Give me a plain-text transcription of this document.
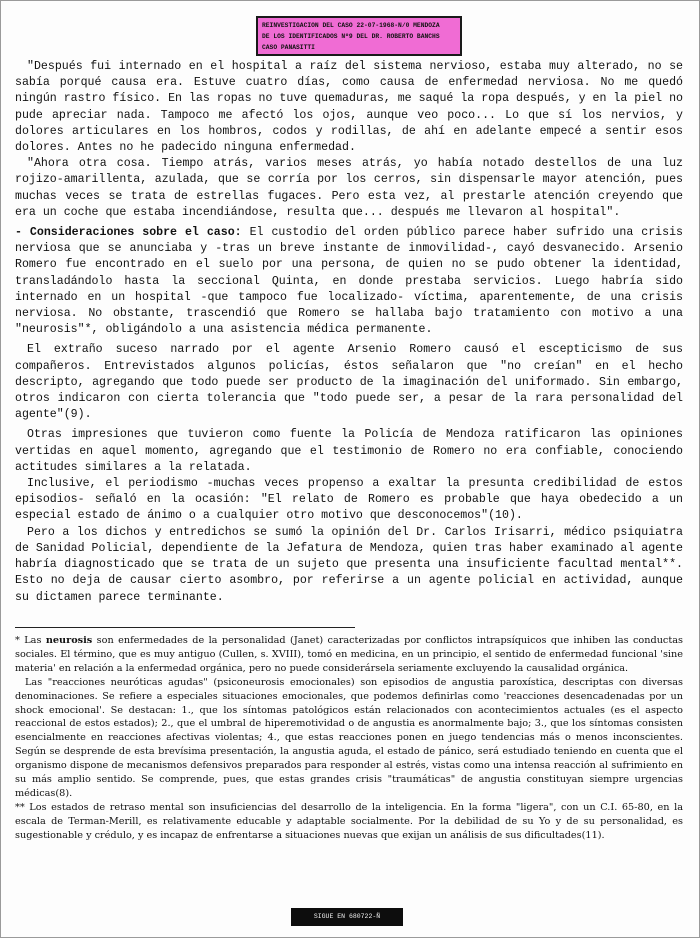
REINVESTIGACION DEL CASO 22-07-1968-N/0 MENDOZA
DE LOS IDENTIFICADOS Nº9 DEL DR. ROBERTO BANCHS
CASO PANASITTI

"Después fui internado en el hospital a raíz del sistema nervioso, estaba muy alterado, no se sabía porqué causa era. Estuve cuatro días, como causa de enfermedad nerviosa. No me quedó ningún rastro físico. En las ropas no tuve quemaduras, me saqué la ropa después, y en la piel no pude apreciar nada. Tampoco me afectó los ojos, aunque veo poco... Lo que sí los nervios, y dolores articulares en los hombros, codos y rodillas, de ahí en adelante empecé a sentir esos dolores. Antes no he padecido ninguna enfermedad.

"Ahora otra cosa. Tiempo atrás, varios meses atrás, yo había notado destellos de una luz rojizo-amarillenta, azulada, que se corría por los cerros, sin dispensarle mayor atención, pues muchas veces se trata de estrellas fugaces. Pero esta vez, al prestarle atención creyendo que era un coche que estaba incendiándose, resulta que... después me llevaron al hospital".

- Consideraciones sobre el caso: El custodio del orden público parece haber sufrido una crisis nerviosa que se anunciaba y -tras un breve instante de inmovilidad-, cayó desvanecido. Arsenio Romero fue encontrado en el suelo por una persona, de quien no se pudo obtener la identidad, transladándolo hasta la seccional Quinta, en donde prestaba servicios. Luego habría sido internado en un hospital -que tampoco fue localizado- víctima, aparentemente, de una crisis nerviosa. No obstante, trascendió que Romero se hallaba bajo tratamiento con motivo a una "neurosis"*, obligándolo a una asistencia médica permanente.

El extraño suceso narrado por el agente Arsenio Romero causó el escepticismo de sus compañeros. Entrevistados algunos policías, éstos señalaron que "no creían" en el hecho descripto, agregando que todo puede ser producto de la imaginación del uniformado. Sin embargo, otros indicaron con cierta tolerancia que "todo puede ser, a pesar de la rara personalidad del agente"(9).

Otras impresiones que tuvieron como fuente la Policía de Mendoza ratificaron las opiniones vertidas en aquel momento, agregando que el testimonio de Romero no era confiable, conociendo actitudes similares a la relatada.

Inclusive, el periodismo -muchas veces propenso a exaltar la presunta credibilidad de estos episodios- señaló en la ocasión: "El relato de Romero es probable que haya obedecido a un especial estado de ánimo o a cualquier otro motivo que desconocemos"(10).

Pero a los dichos y entredichos se sumó la opinión del Dr. Carlos Irisarri, médico psiquiatra de Sanidad Policial, dependiente de la Jefatura de Mendoza, quien tras haber examinado al agente habría diagnosticado que se trata de un sujeto que presenta una insuficiente facultad mental**. Esto no deja de causar cierto asombro, por referirse a un agente policial en actividad, aunque su dictamen parece terminante.

* Las neurosis son enfermedades de la personalidad (Janet) caracterizadas por conflictos intrapsíquicos que inhiben las conductas sociales. El término, que es muy antiguo (Cullen, s. XVIII), tomó en medicina, en un principio, el sentido de enfermedad funcional 'sine materia' en relación a la enfermedad orgánica, pero no puede considerársela seriamente excluyendo la causalidad orgánica.

Las "reacciones neuróticas agudas" (psiconeurosis emocionales) son episodios de angustia paroxística, descriptas con diversas denominaciones. Se refiere a especiales situaciones emocionales, que podemos definirlas como 'reacciones desencadenadas por un shock emocional'. Se destacan: 1., que los síntomas patológicos están relacionados con acontecimientos actuales (es el aspecto reaccional de estos estados); 2., que el umbral de hiperemotividad o de angustia es anormalmente bajo; 3., que los síntomas consisten esencialmente en reacciones afectivas violentas; 4., que estas reacciones ponen en juego tendencias más o menos inconscientes. Según se desprende de esta brevísima presentación, la angustia aguda, el estado de pánico, será estudiado teniendo en cuenta que el organismo dispone de mecanismos defensivos preparados para responder al estrés, vistas como una intensa reacción al sufrimiento en su más amplio sentido. Se comprende, pues, que estas grandes crisis "traumáticas" de angustia constituyan siempre urgencias médicas(8).

** Los estados de retraso mental son insuficiencias del desarrollo de la inteligencia. En la forma "ligera", con un C.I. 65-80, en la escala de Terman-Merill, es relativamente educable y adaptable socialmente. Por la debilidad de su Yo y de su personalidad, es sugestionable y crédulo, y es incapaz de enfrentarse a situaciones nuevas que exijan un análisis de sus dificultades(11).

SIGUE EN 680722-Ñ
